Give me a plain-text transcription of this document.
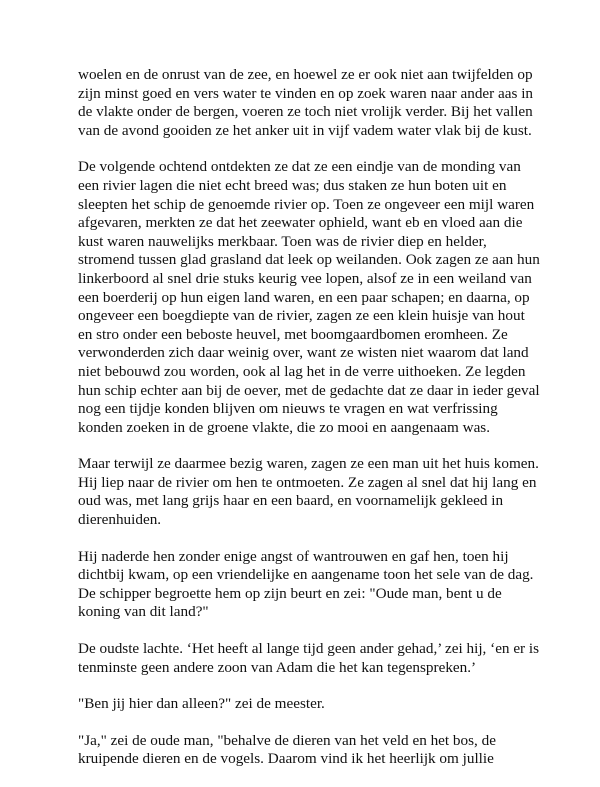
woelen en de onrust van de zee, en hoewel ze er ook niet aan twijfelden op
zijn minst goed en vers water te vinden en op zoek waren naar ander aas in
de vlakte onder de bergen, voeren ze toch niet vrolijk verder. Bij het vallen
van de avond gooiden ze het anker uit in vijf vadem water vlak bij de kust.

De volgende ochtend ontdekten ze dat ze een eindje van de monding van
een rivier lagen die niet echt breed was; dus staken ze hun boten uit en
sleepten het schip de genoemde rivier op. Toen ze ongeveer een mijl waren
afgevaren, merkten ze dat het zeewater ophield, want eb en vloed aan die
kust waren nauwelijks merkbaar. Toen was de rivier diep en helder,
stromend tussen glad grasland dat leek op weilanden. Ook zagen ze aan hun
linkerboord al snel drie stuks keurig vee lopen, alsof ze in een weiland van
een boerderij op hun eigen land waren, en een paar schapen; en daarna, op
ongeveer een boegdiepte van de rivier, zagen ze een klein huisje van hout
en stro onder een beboste heuvel, met boomgaardbomen eromheen. Ze
verwonderden zich daar weinig over, want ze wisten niet waarom dat land
niet bebouwd zou worden, ook al lag het in de verre uithoeken. Ze legden
hun schip echter aan bij de oever, met de gedachte dat ze daar in ieder geval
nog een tijdje konden blijven om nieuws te vragen en wat verfrissing
konden zoeken in de groene vlakte, die zo mooi en aangenaam was.

Maar terwijl ze daarmee bezig waren, zagen ze een man uit het huis komen.
Hij liep naar de rivier om hen te ontmoeten. Ze zagen al snel dat hij lang en
oud was, met lang grijs haar en een baard, en voornamelijk gekleed in
dierenhuiden.

Hij naderde hen zonder enige angst of wantrouwen en gaf hen, toen hij
dichtbij kwam, op een vriendelijke en aangename toon het sele van de dag.
De schipper begroette hem op zijn beurt en zei: "Oude man, bent u de
koning van dit land?"

De oudste lachte. ‘Het heeft al lange tijd geen ander gehad,’ zei hij, ‘en er is
tenminste geen andere zoon van Adam die het kan tegenspreken.’

"Ben jij hier dan alleen?" zei de meester.

"Ja," zei de oude man, "behalve de dieren van het veld en het bos, de
kruipende dieren en de vogels. Daarom vind ik het heerlijk om jullie
